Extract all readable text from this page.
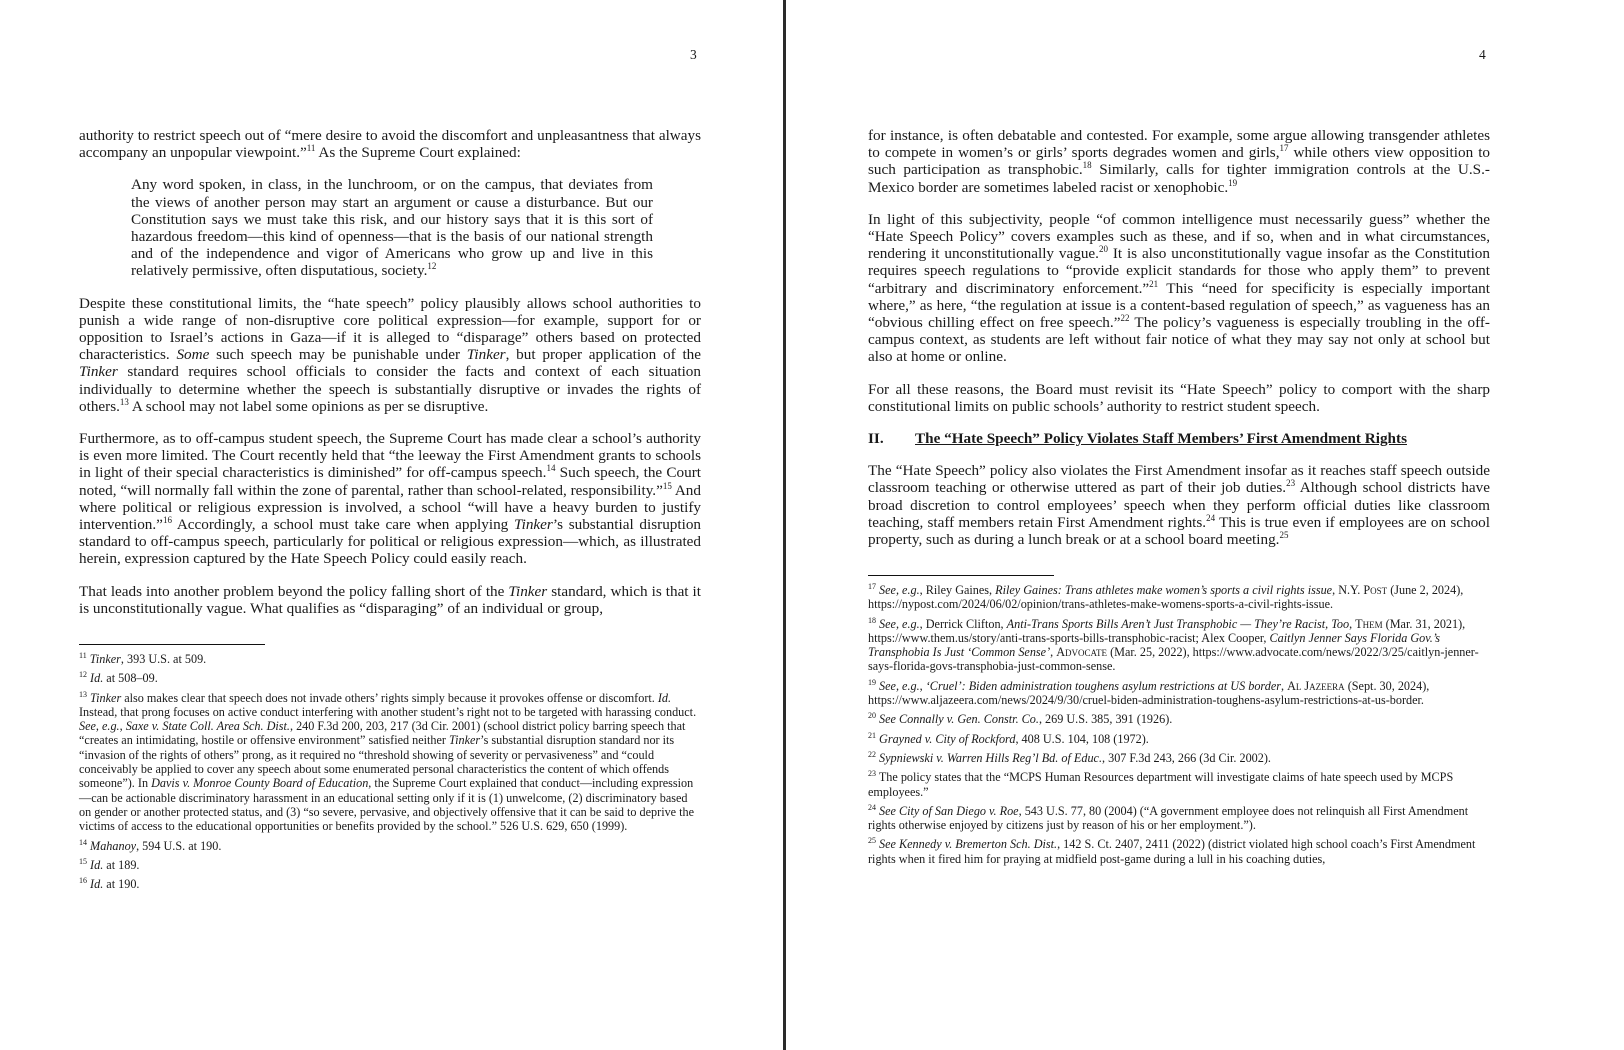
3
authority to restrict speech out of “mere desire to avoid the discomfort and unpleasantness that always accompany an unpopular viewpoint.”$^{11}$ As the Supreme Court explained:
Any word spoken, in class, in the lunchroom, or on the campus, that deviates from the views of another person may start an argument or cause a disturbance. But our Constitution says we must take this risk, and our history says that it is this sort of hazardous freedom—this kind of openness—that is the basis of our national strength and of the independence and vigor of Americans who grow up and live in this relatively permissive, often disputatious, society.$^{12}$
Despite these constitutional limits, the “hate speech” policy plausibly allows school authorities to punish a wide range of non-disruptive core political expression—for example, support for or opposition to Israel’s actions in Gaza—if it is alleged to “disparage” others based on protected characteristics. Some such speech may be punishable under Tinker, but proper application of the Tinker standard requires school officials to consider the facts and context of each situation individually to determine whether the speech is substantially disruptive or invades the rights of others.$^{13}$ A school may not label some opinions as per se disruptive.
Furthermore, as to off-campus student speech, the Supreme Court has made clear a school’s authority is even more limited. The Court recently held that “the leeway the First Amendment grants to schools in light of their special characteristics is diminished” for off-campus speech.$^{14}$ Such speech, the Court noted, “will normally fall within the zone of parental, rather than school-related, responsibility.”$^{15}$ And where political or religious expression is involved, a school “will have a heavy burden to justify intervention.”$^{16}$ Accordingly, a school must take care when applying Tinker’s substantial disruption standard to off-campus speech, particularly for political or religious expression—which, as illustrated herein, expression captured by the Hate Speech Policy could easily reach.
That leads into another problem beyond the policy falling short of the Tinker standard, which is that it is unconstitutionally vague. What qualifies as “disparaging” of an individual or group,
$^{11}$ Tinker, 393 U.S. at 509.
$^{12}$ Id. at 508–09.
$^{13}$ Tinker also makes clear that speech does not invade others’ rights simply because it provokes offense or discomfort. Id. Instead, that prong focuses on active conduct interfering with another student’s right not to be targeted with harassing conduct. See, e.g., Saxe v. State Coll. Area Sch. Dist., 240 F.3d 200, 203, 217 (3d Cir. 2001) (school district policy barring speech that “creates an intimidating, hostile or offensive environment” satisfied neither Tinker’s substantial disruption standard nor its “invasion of the rights of others” prong, as it required no “threshold showing of severity or pervasiveness” and “could conceivably be applied to cover any speech about some enumerated personal characteristics the content of which offends someone”). In Davis v. Monroe County Board of Education, the Supreme Court explained that conduct—including expression—can be actionable discriminatory harassment in an educational setting only if it is (1) unwelcome, (2) discriminatory based on gender or another protected status, and (3) “so severe, pervasive, and objectively offensive that it can be said to deprive the victims of access to the educational opportunities or benefits provided by the school.” 526 U.S. 629, 650 (1999).
$^{14}$ Mahanoy, 594 U.S. at 190.
$^{15}$ Id. at 189.
$^{16}$ Id. at 190.
4
for instance, is often debatable and contested. For example, some argue allowing transgender athletes to compete in women’s or girls’ sports degrades women and girls,$^{17}$ while others view opposition to such participation as transphobic.$^{18}$ Similarly, calls for tighter immigration controls at the U.S.-Mexico border are sometimes labeled racist or xenophobic.$^{19}$
In light of this subjectivity, people “of common intelligence must necessarily guess” whether the “Hate Speech Policy” covers examples such as these, and if so, when and in what circumstances, rendering it unconstitutionally vague.$^{20}$ It is also unconstitutionally vague insofar as the Constitution requires speech regulations to “provide explicit standards for those who apply them” to prevent “arbitrary and discriminatory enforcement.”$^{21}$ This “need for specificity is especially important where,” as here, “the regulation at issue is a content-based regulation of speech,” as vagueness has an “obvious chilling effect on free speech.”$^{22}$ The policy’s vagueness is especially troubling in the off-campus context, as students are left without fair notice of what they may say not only at school but also at home or online.
For all these reasons, the Board must revisit its “Hate Speech” policy to comport with the sharp constitutional limits on public schools’ authority to restrict student speech.
II.	The “Hate Speech” Policy Violates Staff Members’ First Amendment Rights
The “Hate Speech” policy also violates the First Amendment insofar as it reaches staff speech outside classroom teaching or otherwise uttered as part of their job duties.$^{23}$ Although school districts have broad discretion to control employees’ speech when they perform official duties like classroom teaching, staff members retain First Amendment rights.$^{24}$ This is true even if employees are on school property, such as during a lunch break or at a school board meeting.$^{25}$
$^{17}$ See, e.g., Riley Gaines, Riley Gaines: Trans athletes make women’s sports a civil rights issue, N.Y. Post (June 2, 2024), https://nypost.com/2024/06/02/opinion/trans-athletes-make-womens-sports-a-civil-rights-issue.
$^{18}$ See, e.g., Derrick Clifton, Anti-Trans Sports Bills Aren’t Just Transphobic — They’re Racist, Too, Them (Mar. 31, 2021), https://www.them.us/story/anti-trans-sports-bills-transphobic-racist; Alex Cooper, Caitlyn Jenner Says Florida Gov.’s Transphobia Is Just ‘Common Sense’, Advocate (Mar. 25, 2022), https://www.advocate.com/news/2022/3/25/caitlyn-jenner-says-florida-govs-transphobia-just-common-sense.
$^{19}$ See, e.g., ‘Cruel’: Biden administration toughens asylum restrictions at US border, Al Jazeera (Sept. 30, 2024), https://www.aljazeera.com/news/2024/9/30/cruel-biden-administration-toughens-asylum-restrictions-at-us-border.
$^{20}$ See Connally v. Gen. Constr. Co., 269 U.S. 385, 391 (1926).
$^{21}$ Grayned v. City of Rockford, 408 U.S. 104, 108 (1972).
$^{22}$ Sypniewski v. Warren Hills Reg’l Bd. of Educ., 307 F.3d 243, 266 (3d Cir. 2002).
$^{23}$ The policy states that the “MCPS Human Resources department will investigate claims of hate speech used by MCPS employees.”
$^{24}$ See City of San Diego v. Roe, 543 U.S. 77, 80 (2004) (“A government employee does not relinquish all First Amendment rights otherwise enjoyed by citizens just by reason of his or her employment.”).
$^{25}$ See Kennedy v. Bremerton Sch. Dist., 142 S. Ct. 2407, 2411 (2022) (district violated high school coach’s First Amendment rights when it fired him for praying at midfield post-game during a lull in his coaching duties,
